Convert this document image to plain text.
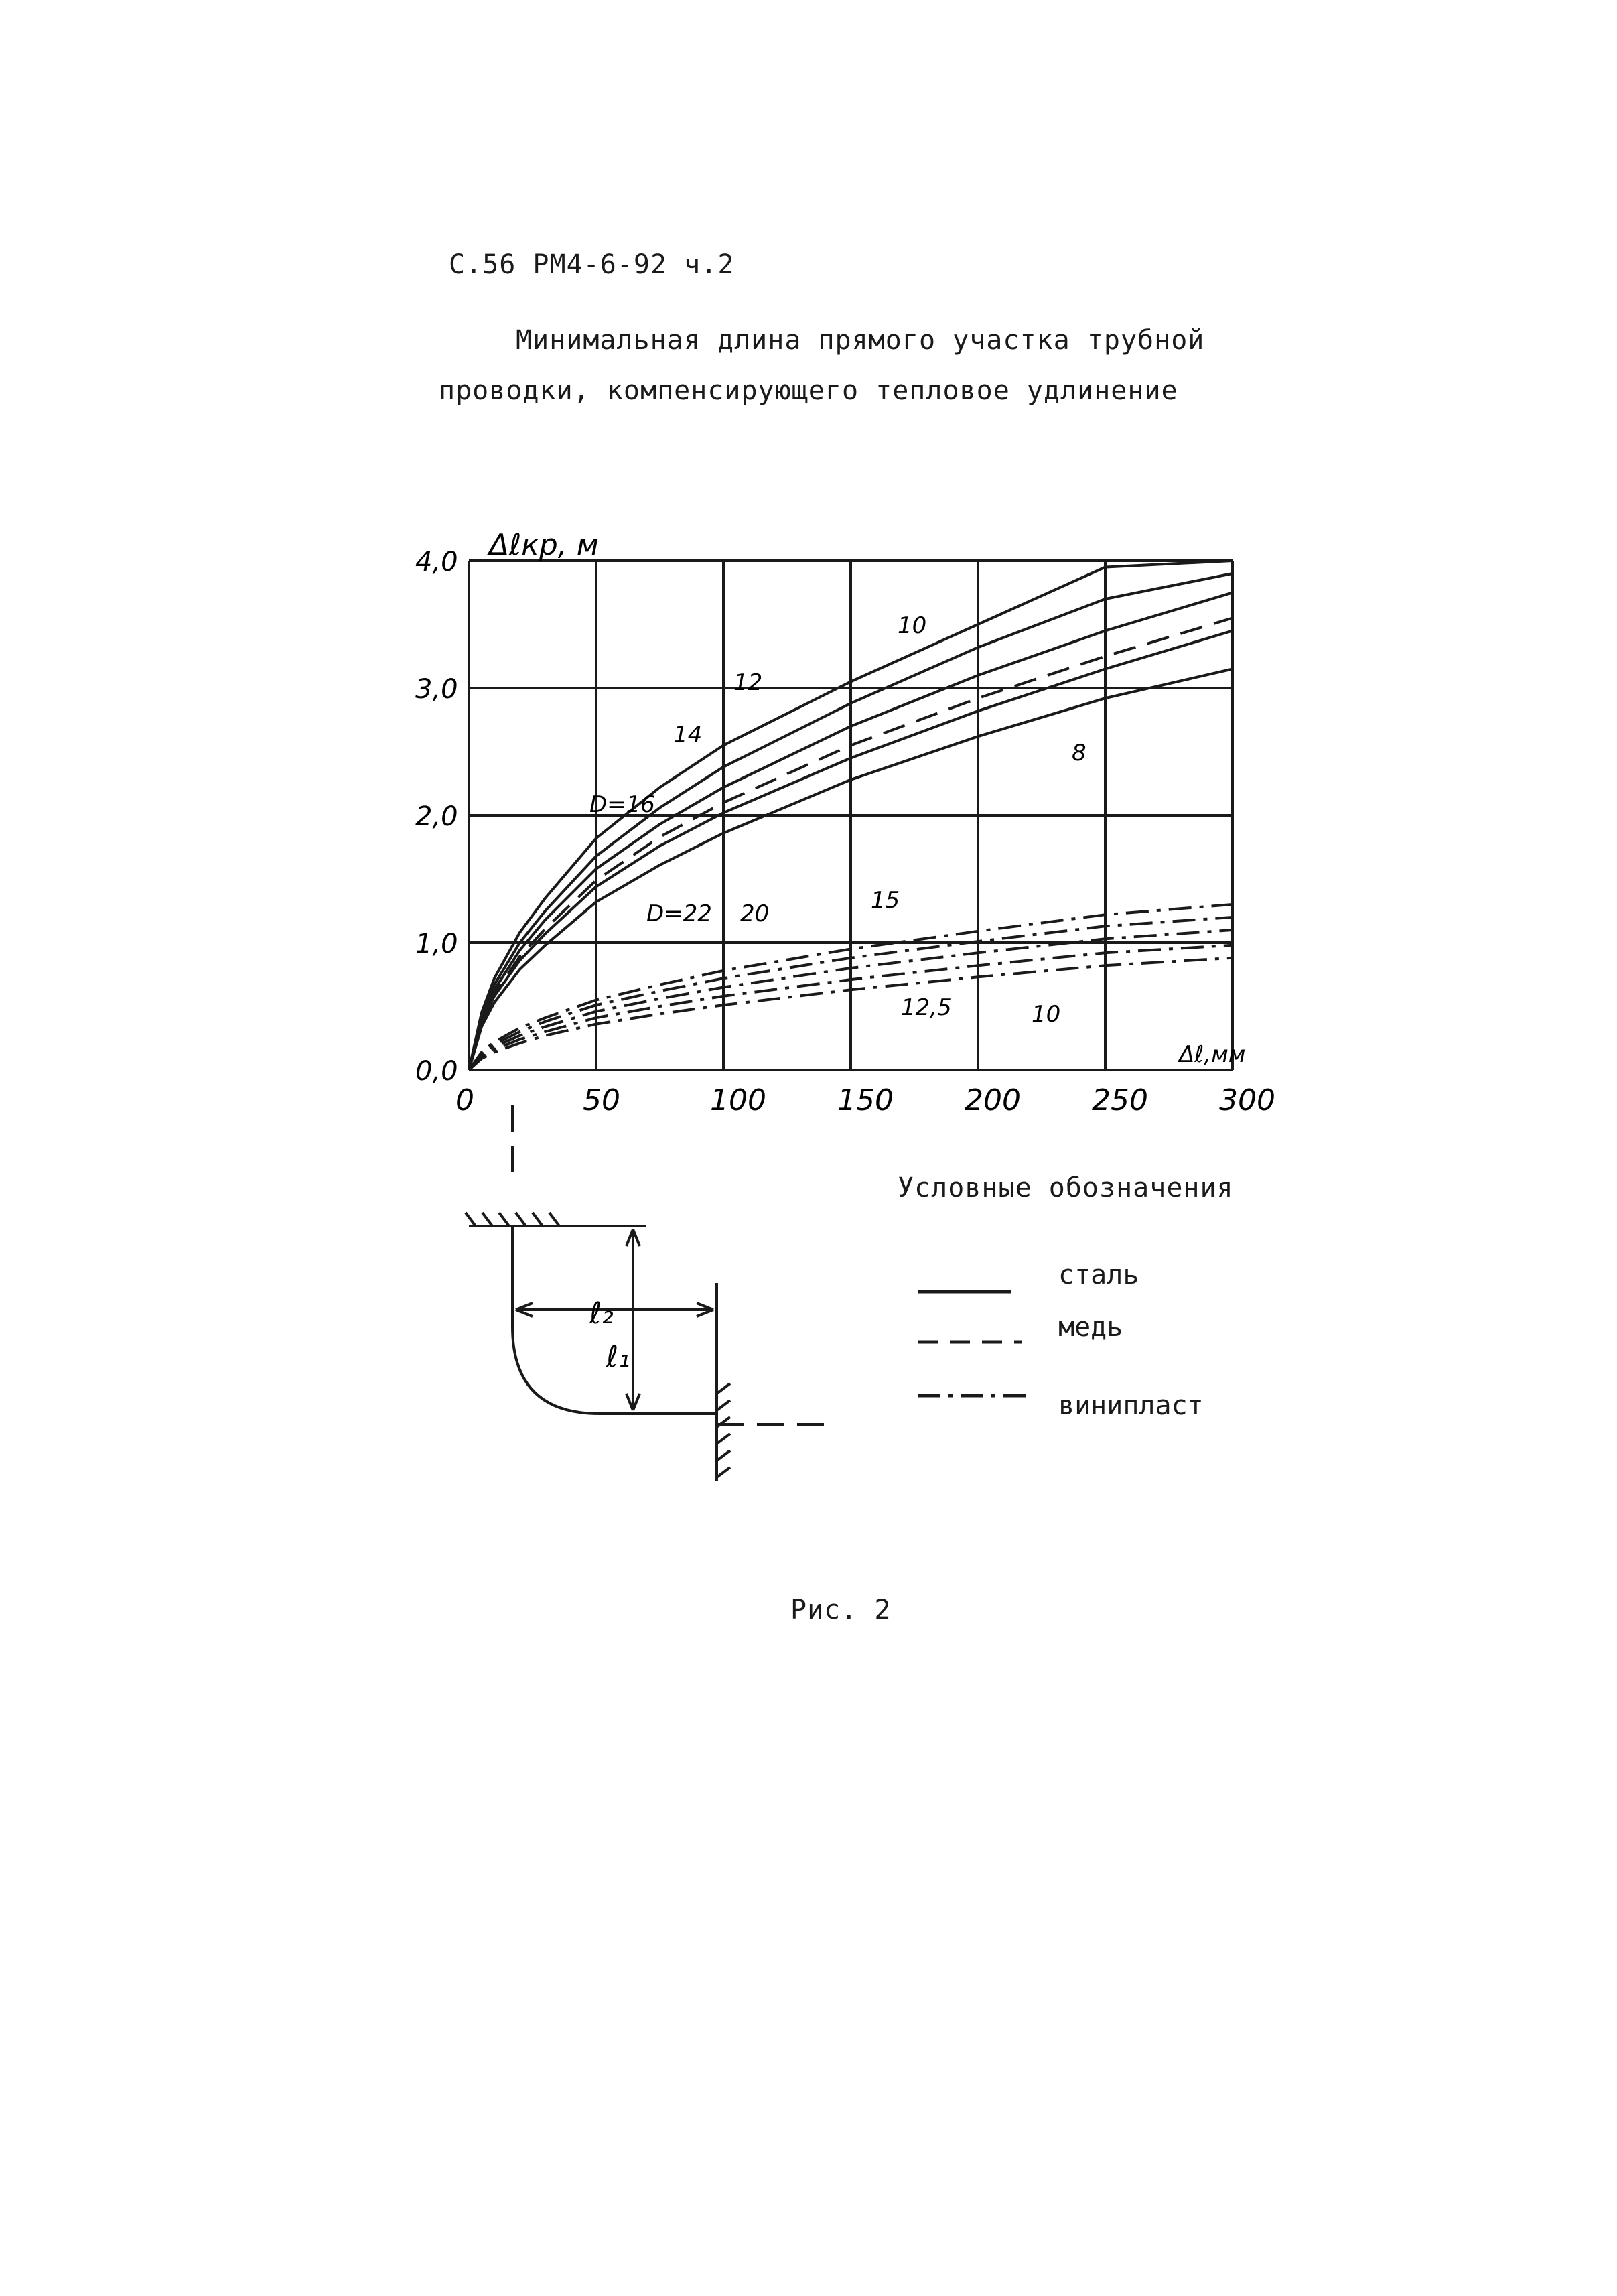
С.56 РМ4-6-92 ч.2
Минимальная длина прямого участка трубной
проводки, компенсирующего тепловое удлинение
Рис. 2
Условные обозначения
0	50	100 150 200 250 300
0,0
1,0
2,0
3,0
4,0 Δℓкр, м
Δℓ,мм
D=16
14
12
10
8
D=22 20	15
12,5	10
ℓ₂
ℓ₁
сталь
медь
винипласт
